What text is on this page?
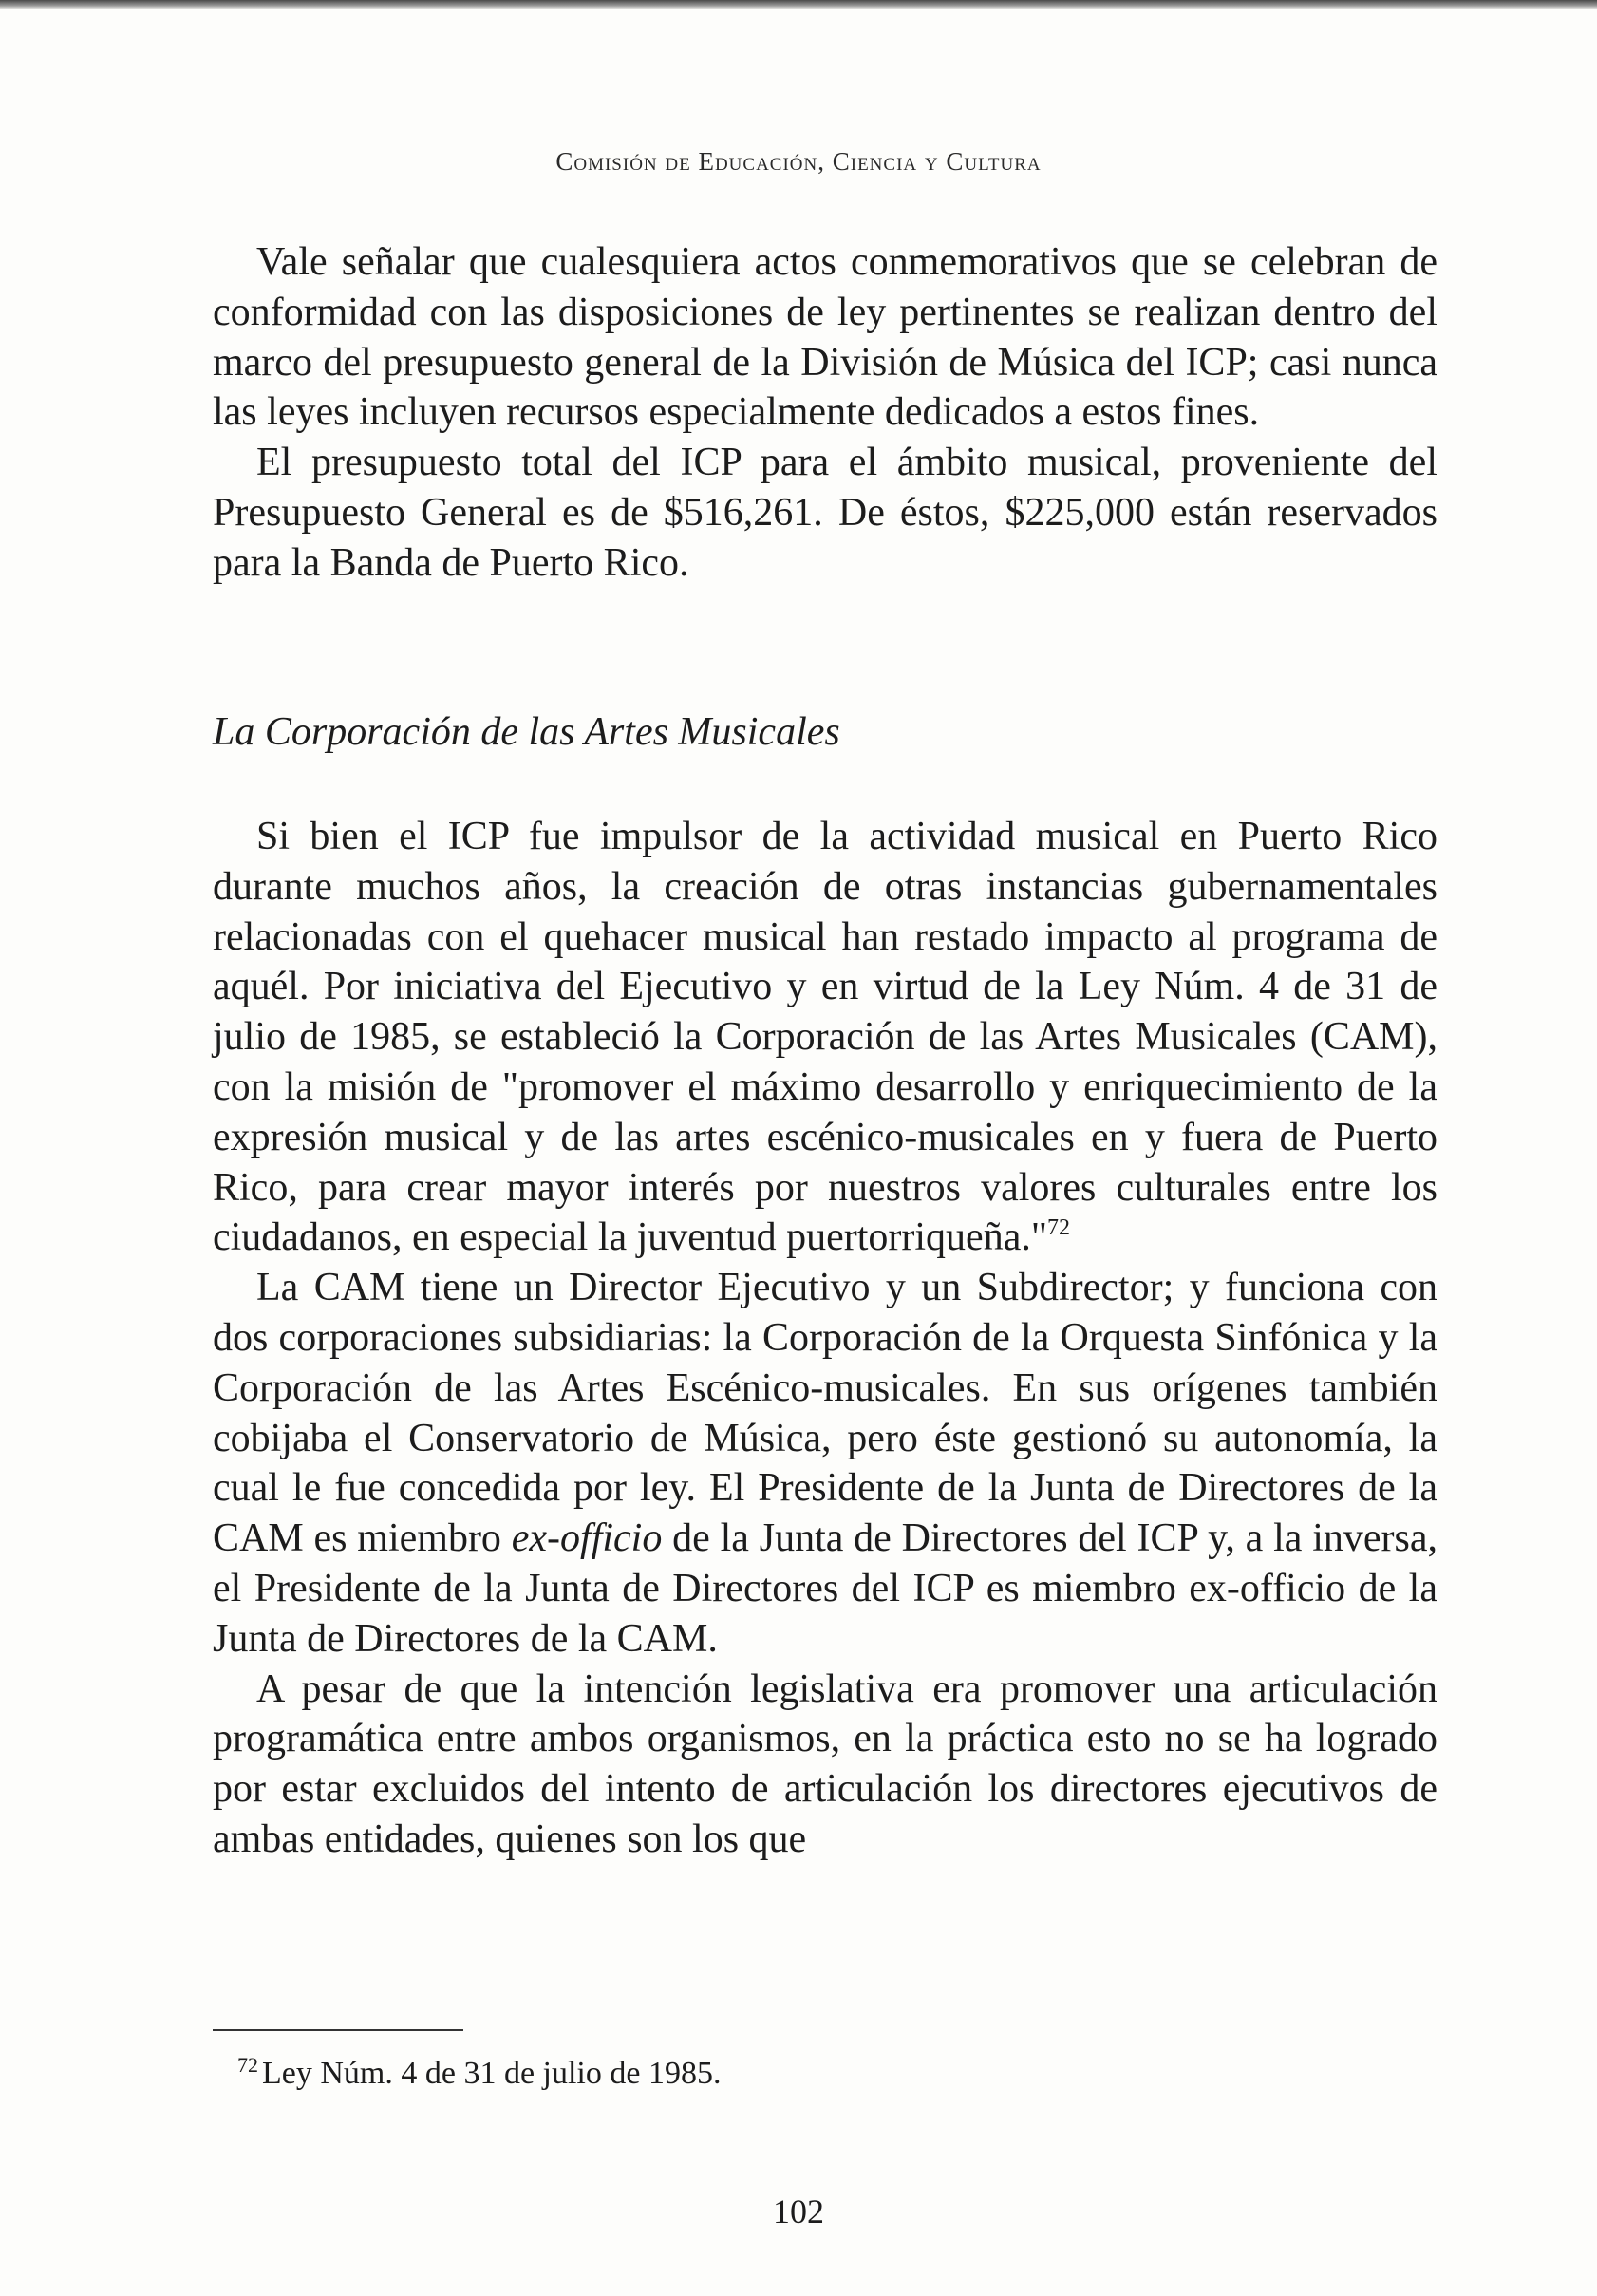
Comisión de Educación, Ciencia y Cultura

Vale señalar que cualesquiera actos conmemorativos que se celebran de conformidad con las disposiciones de ley pertinentes se realizan dentro del marco del presupuesto general de la División de Música del ICP; casi nunca las leyes incluyen recursos especialmente dedicados a estos fines.

El presupuesto total del ICP para el ámbito musical, proveniente del Presupuesto General es de $516,261. De éstos, $225,000 están reservados para la Banda de Puerto Rico.

La Corporación de las Artes Musicales

Si bien el ICP fue impulsor de la actividad musical en Puerto Rico durante muchos años, la creación de otras instancias gubernamentales relacionadas con el quehacer musical han restado impacto al programa de aquél. Por iniciativa del Ejecutivo y en virtud de la Ley Núm. 4 de 31 de julio de 1985, se estableció la Corporación de las Artes Musicales (CAM), con la misión de "promover el máximo desarrollo y enriquecimiento de la expresión musical y de las artes escénico-musicales en y fuera de Puerto Rico, para crear mayor interés por nuestros valores culturales entre los ciudadanos, en especial la juventud puertorriqueña."$^{72}$

La CAM tiene un Director Ejecutivo y un Subdirector; y funciona con dos corporaciones subsidiarias: la Corporación de la Orquesta Sinfónica y la Corporación de las Artes Escénico-musicales. En sus orígenes también cobijaba el Conservatorio de Música, pero éste gestionó su autonomía, la cual le fue concedida por ley. El Presidente de la Junta de Directores de la CAM es miembro ex-officio de la Junta de Directores del ICP y, a la inversa, el Presidente de la Junta de Directores del ICP es miembro ex-officio de la Junta de Directores de la CAM.

A pesar de que la intención legislativa era promover una articulación programática entre ambos organismos, en la práctica esto no se ha logrado por estar excluidos del intento de articulación los directores ejecutivos de ambas entidades, quienes son los que

$^{72}$ Ley Núm. 4 de 31 de julio de 1985.
102
